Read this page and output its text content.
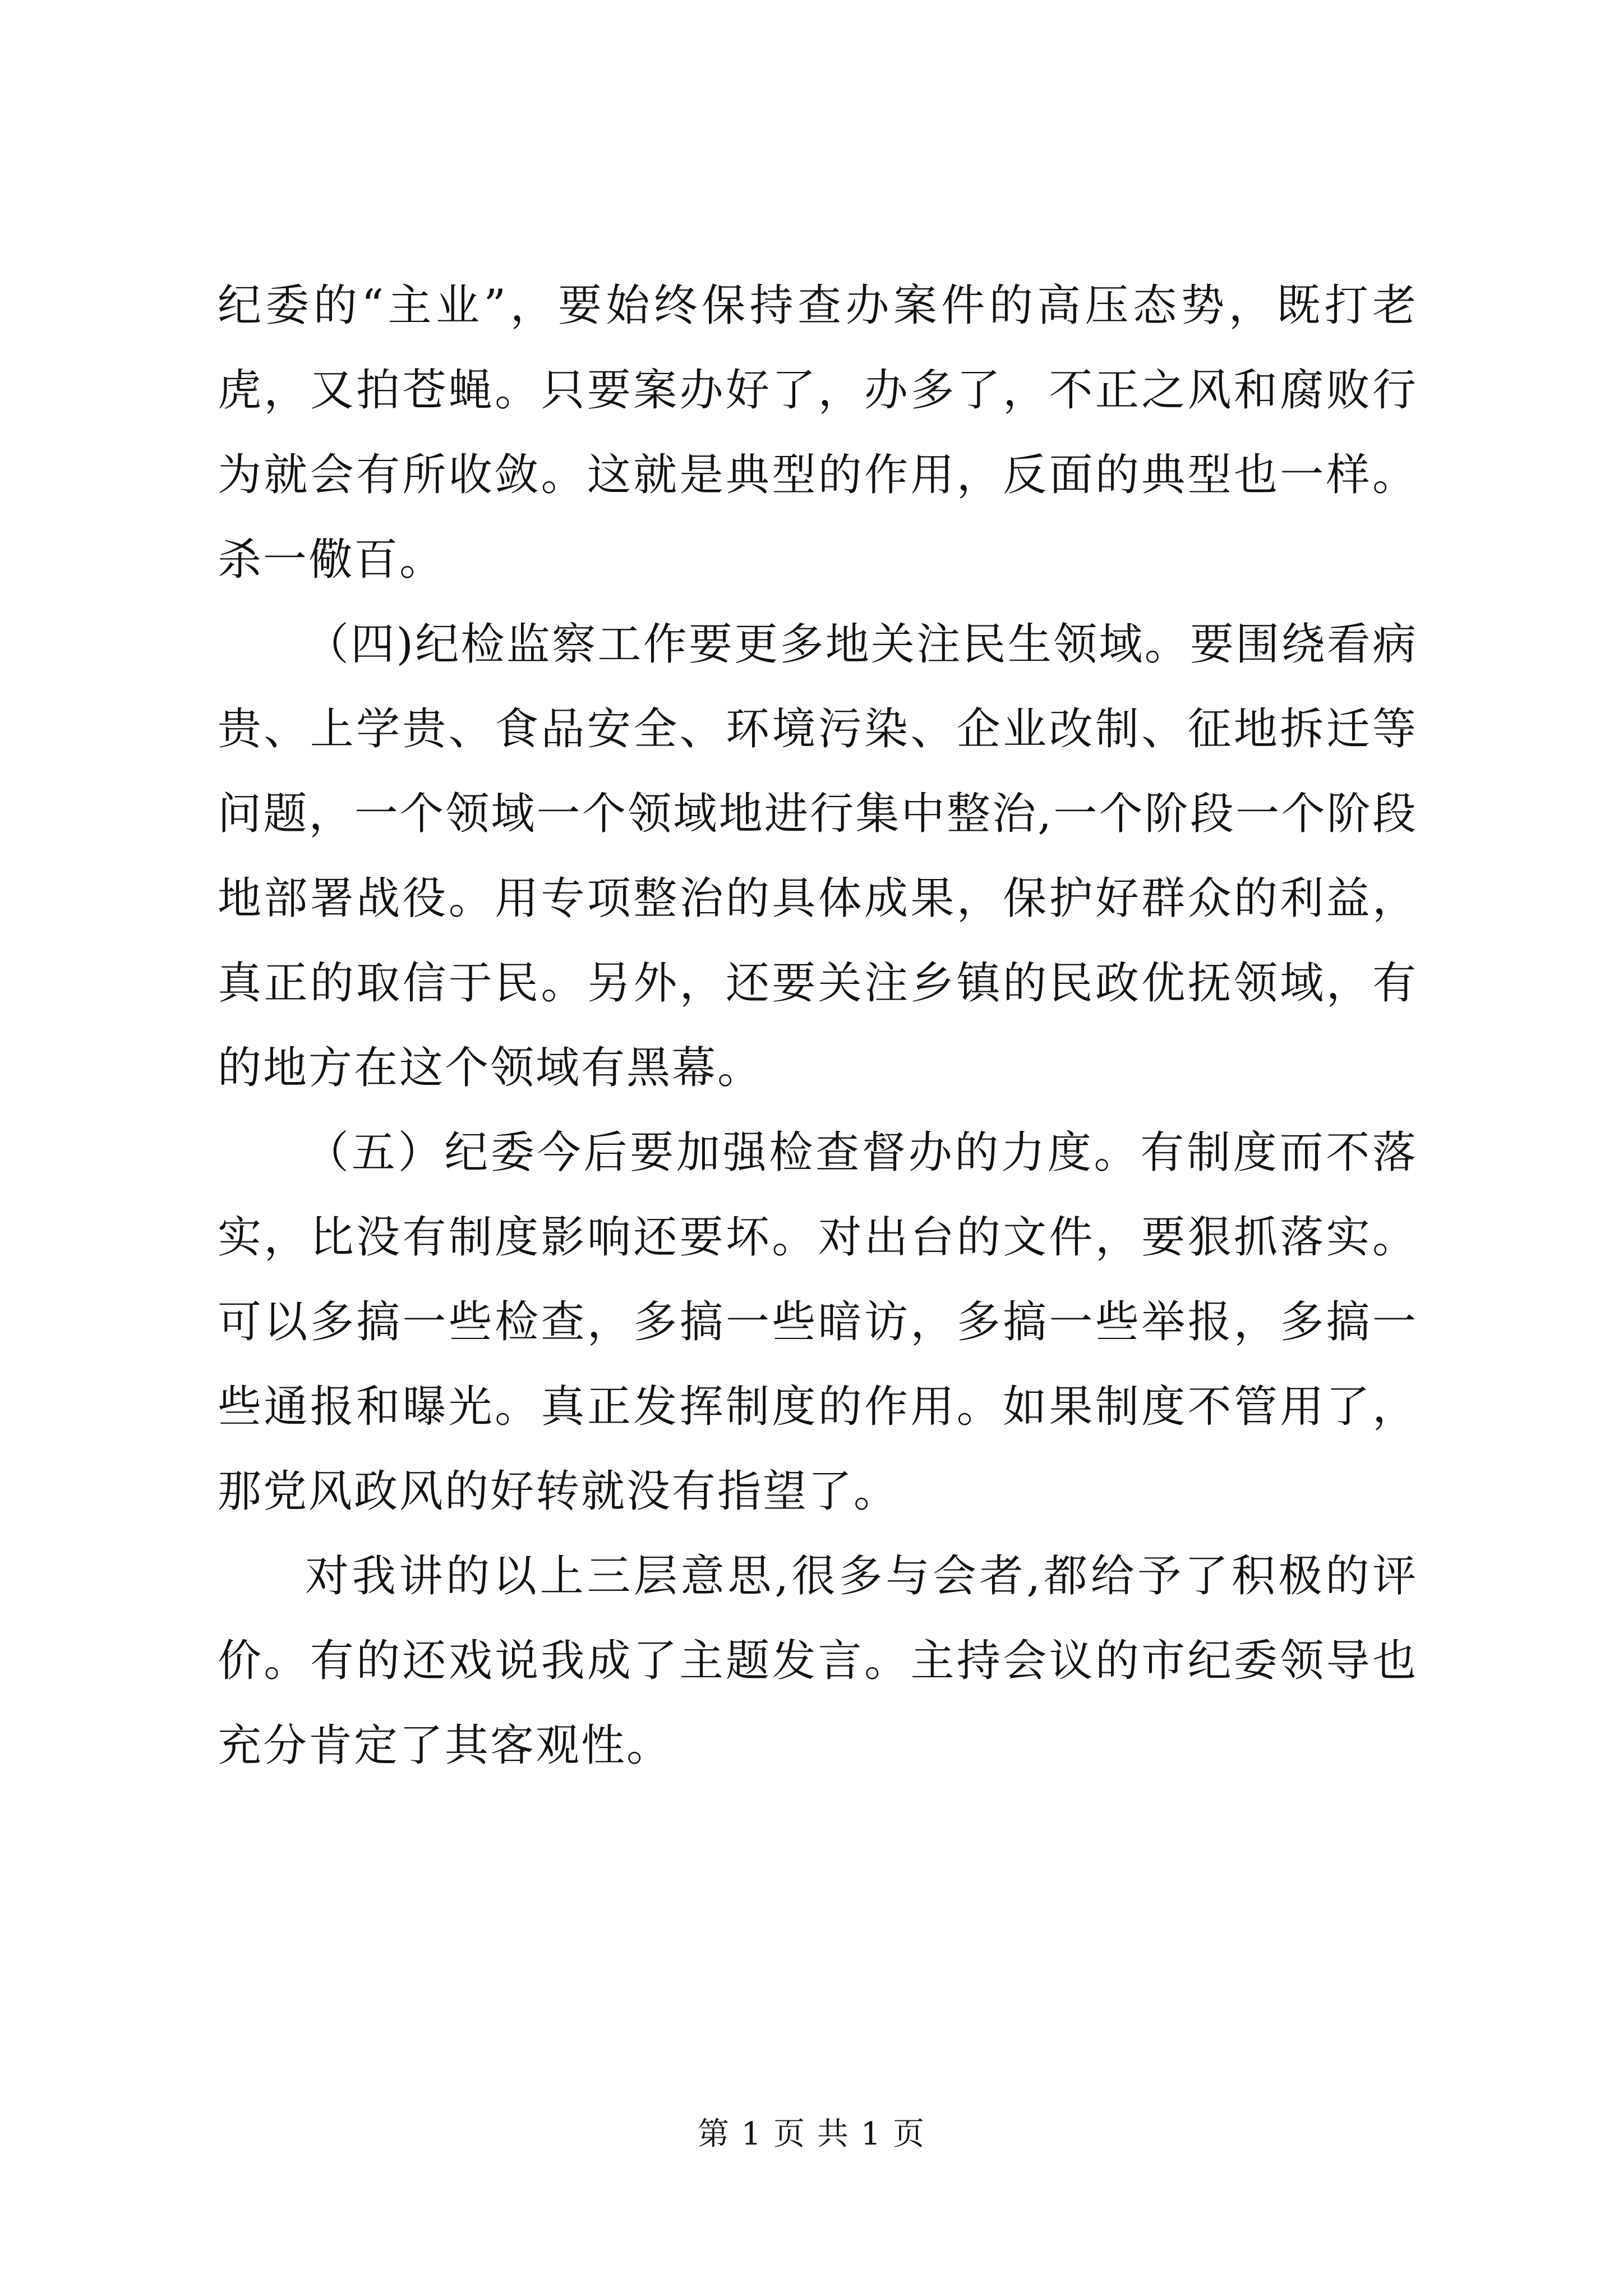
纪委的“主业”，要始终保持查办案件的高压态势，既打老虎，又拍苍蝇。只要案办好了，办多了，不正之风和腐败行为就会有所收敛。这就是典型的作用，反面的典型也一样。杀一儆百。

（四)纪检监察工作要更多地关注民生领域。要围绕看病贵、上学贵、食品安全、环境污染、企业改制、征地拆迁等问题，一个领域一个领域地进行集中整治,一个阶段一个阶段地部署战役。用专项整治的具体成果，保护好群众的利益，真正的取信于民。另外，还要关注乡镇的民政优抚领域，有的地方在这个领域有黑幕。

（五）纪委今后要加强检查督办的力度。有制度而不落实，比没有制度影响还要坏。对出台的文件，要狠抓落实。可以多搞一些检查，多搞一些暗访，多搞一些举报，多搞一些通报和曝光。真正发挥制度的作用。如果制度不管用了，那党风政风的好转就没有指望了。

对我讲的以上三层意思,很多与会者,都给予了积极的评价。有的还戏说我成了主题发言。主持会议的市纪委领导也充分肯定了其客观性。

第 1 页 共 1 页
